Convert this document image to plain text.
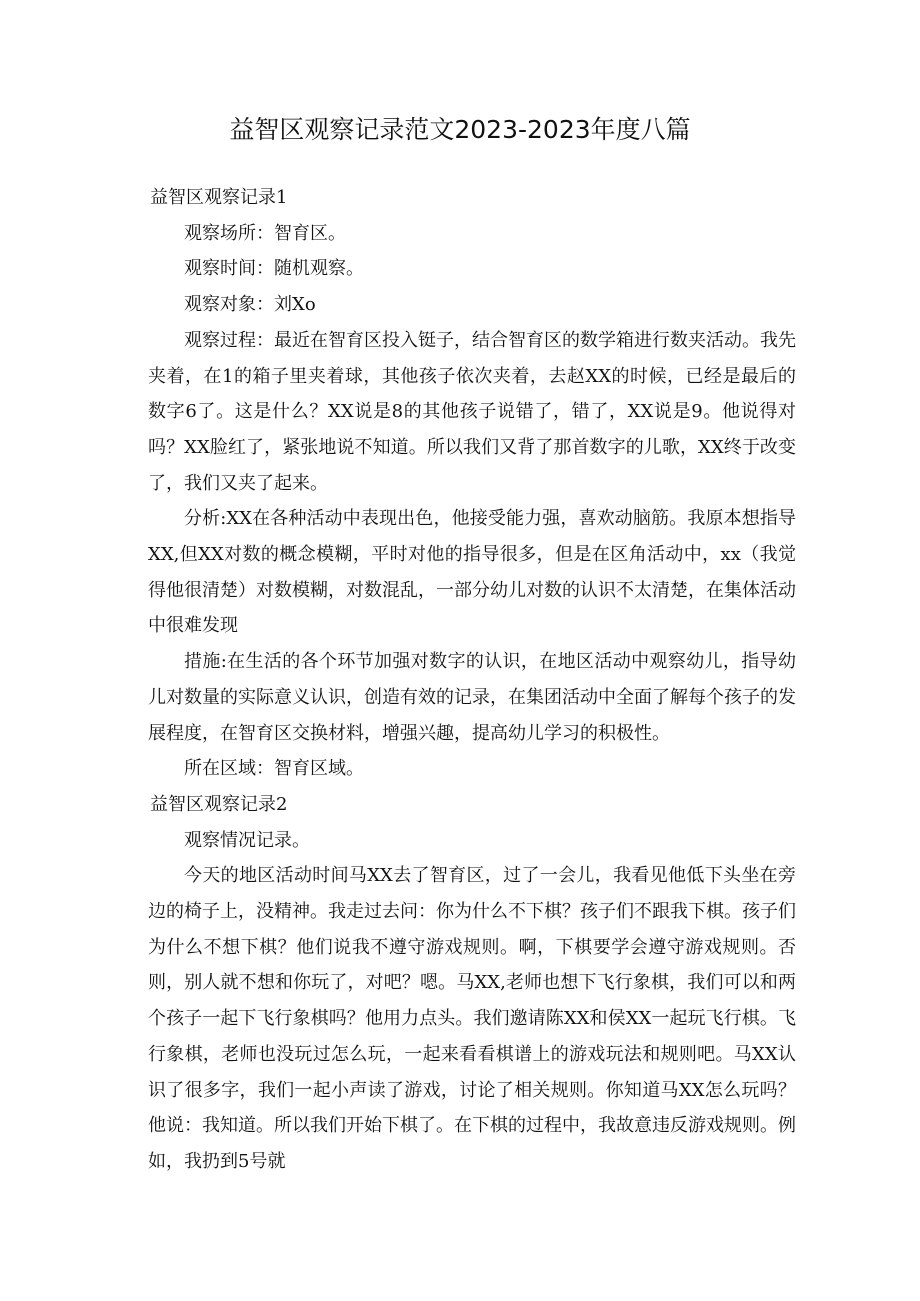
益智区观察记录范文2023-2023年度八篇

益智区观察记录1

观察场所：智育区。

观察时间：随机观察。

观察对象：刘Xo

观察过程：最近在智育区投入铤子，结合智育区的数学箱进行数夹活动。我先夹着，在1的箱子里夹着球，其他孩子依次夹着，去赵XX的时候，已经是最后的数字6了。这是什么？XX说是8的其他孩子说错了，错了，XX说是9。他说得对吗？XX脸红了，紧张地说不知道。所以我们又背了那首数字的儿歌，XX终于改变了，我们又夹了起来。

分析:XX在各种活动中表现出色，他接受能力强，喜欢动脑筋。我原本想指导XX,但XX对数的概念模糊，平时对他的指导很多，但是在区角活动中，xx（我觉得他很清楚）对数模糊，对数混乱，一部分幼儿对数的认识不太清楚，在集体活动中很难发现

措施:在生活的各个环节加强对数字的认识，在地区活动中观察幼儿，指导幼儿对数量的实际意义认识，创造有效的记录，在集团活动中全面了解每个孩子的发展程度，在智育区交换材料，增强兴趣，提高幼儿学习的积极性。

所在区域：智育区域。

益智区观察记录2

观察情况记录。

今天的地区活动时间马XX去了智育区，过了一会儿，我看见他低下头坐在旁边的椅子上，没精神。我走过去问：你为什么不下棋？孩子们不跟我下棋。孩子们为什么不想下棋？他们说我不遵守游戏规则。啊，下棋要学会遵守游戏规则。否则，别人就不想和你玩了，对吧？嗯。马XX,老师也想下飞行象棋，我们可以和两个孩子一起下飞行象棋吗？他用力点头。我们邀请陈XX和侯XX一起玩飞行棋。飞行象棋，老师也没玩过怎么玩，一起来看看棋谱上的游戏玩法和规则吧。马XX认识了很多字，我们一起小声读了游戏，讨论了相关规则。你知道马XX怎么玩吗？他说：我知道。所以我们开始下棋了。在下棋的过程中，我故意违反游戏规则。例如，我扔到5号就
